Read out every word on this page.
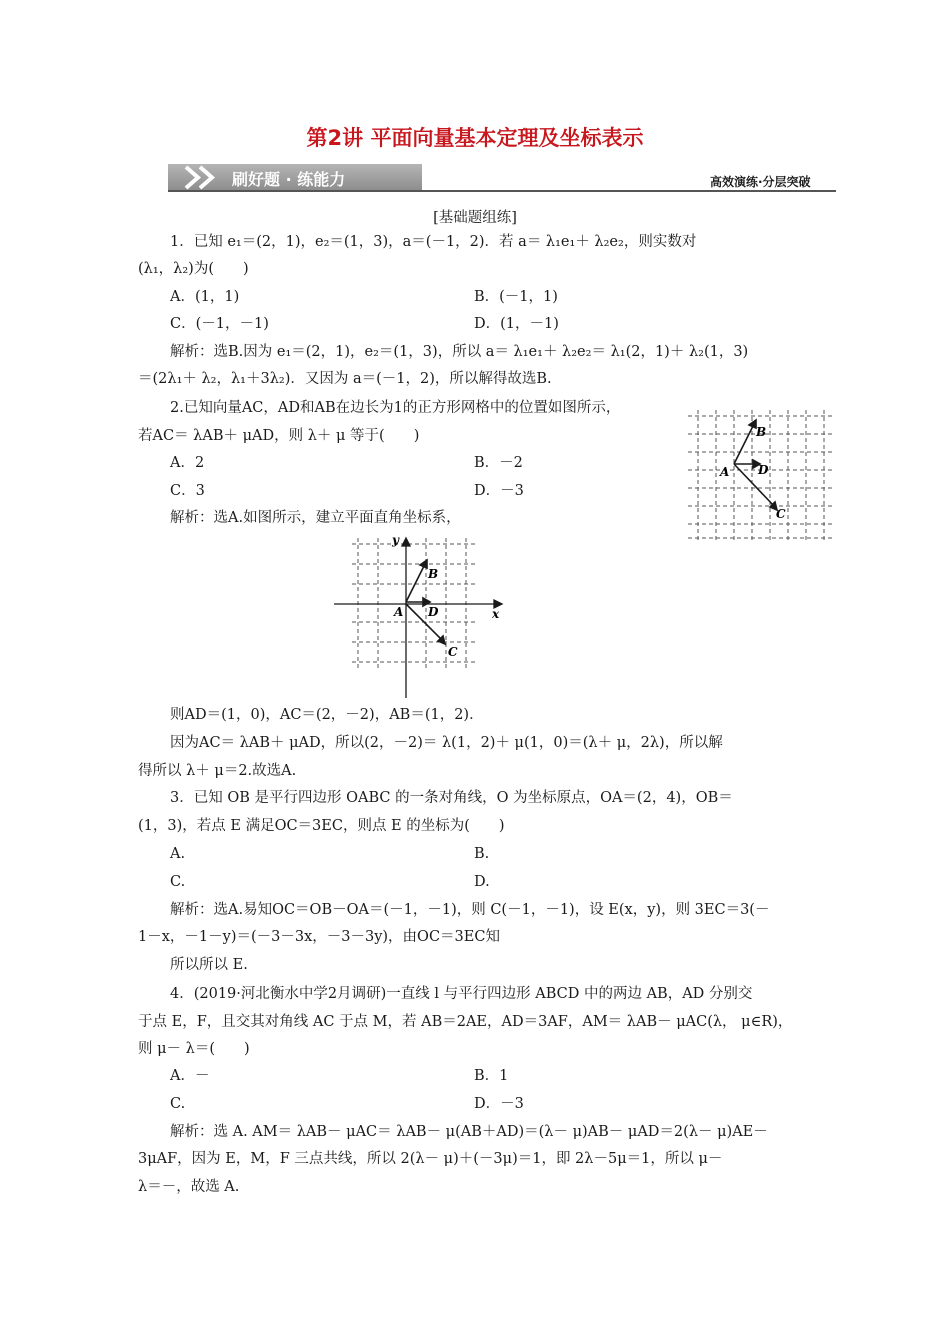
第2讲 平面向量基本定理及坐标表示
刷好题 · 练能力	高效演练·分层突破
[基础题组练]
1．已知 e₁＝(2，1)，e₂＝(1，3)，a＝(－1，2)．若 a＝ λ₁e₁＋ λ₂e₂，则实数对
(λ₁，λ₂)为(　　)
A．(1，1)	B．(－1，1)
C．(－1，－1)	D．(1，－1)
解析：选B.因为 e₁＝(2，1)，e₂＝(1，3)，所以 a＝ λ₁e₁＋ λ₂e₂＝ λ₁(2，1)＋ λ₂(1，3)
＝(2λ₁＋ λ₂，λ₁＋3λ₂)．又因为 a＝(－1，2)，所以解得故选B.
2.已知向量AC，AD和AB在边长为1的正方形网格中的位置如图所示，
若AC＝ λAB＋ μAD，则 λ＋ μ 等于(　　)
A．2	B．－2
C．3	D．－3
解析：选A.如图所示，建立平面直角坐标系，
A
B
D
C
y
x
A
B
D
C
则AD＝(1，0)，AC＝(2，－2)，AB＝(1，2)．
因为AC＝ λAB＋ μAD，所以(2，－2)＝ λ(1，2)＋ μ(1，0)＝(λ＋ μ，2λ)，所以解
得所以 λ＋ μ＝2.故选A.
3．已知 OB 是平行四边形 OABC 的一条对角线，O 为坐标原点，OA＝(2，4)，OB＝
(1，3)，若点 E 满足OC＝3EC，则点 E 的坐标为(　　)
A.	B.
C.	D.
解析：选A.易知OC＝OB－OA＝(－1，－1)，则 C(－1，－1)，设 E(x，y)，则 3EC＝3(－
1－x，－1－y)＝(－3－3x，－3－3y)，由OC＝3EC知
所以所以 E.
4．(2019·河北衡水中学2月调研)一直线 l 与平行四边形 ABCD 中的两边 AB，AD 分别交
于点 E，F，且交其对角线 AC 于点 M，若 AB＝2AE，AD＝3AF，AM＝ λAB－ μAC(λ， μ∈R)，
则 μ－ λ＝(　　)
A．－	B．1
C.	D．－3
解析：选 A. AM＝ λAB－ μAC＝ λAB－ μ(AB＋AD)＝(λ－ μ)AB－ μAD＝2(λ－ μ)AE－
3μAF，因为 E，M，F 三点共线，所以 2(λ－ μ)＋(－3μ)＝1，即 2λ－5μ＝1，所以 μ－
λ＝－，故选 A.
